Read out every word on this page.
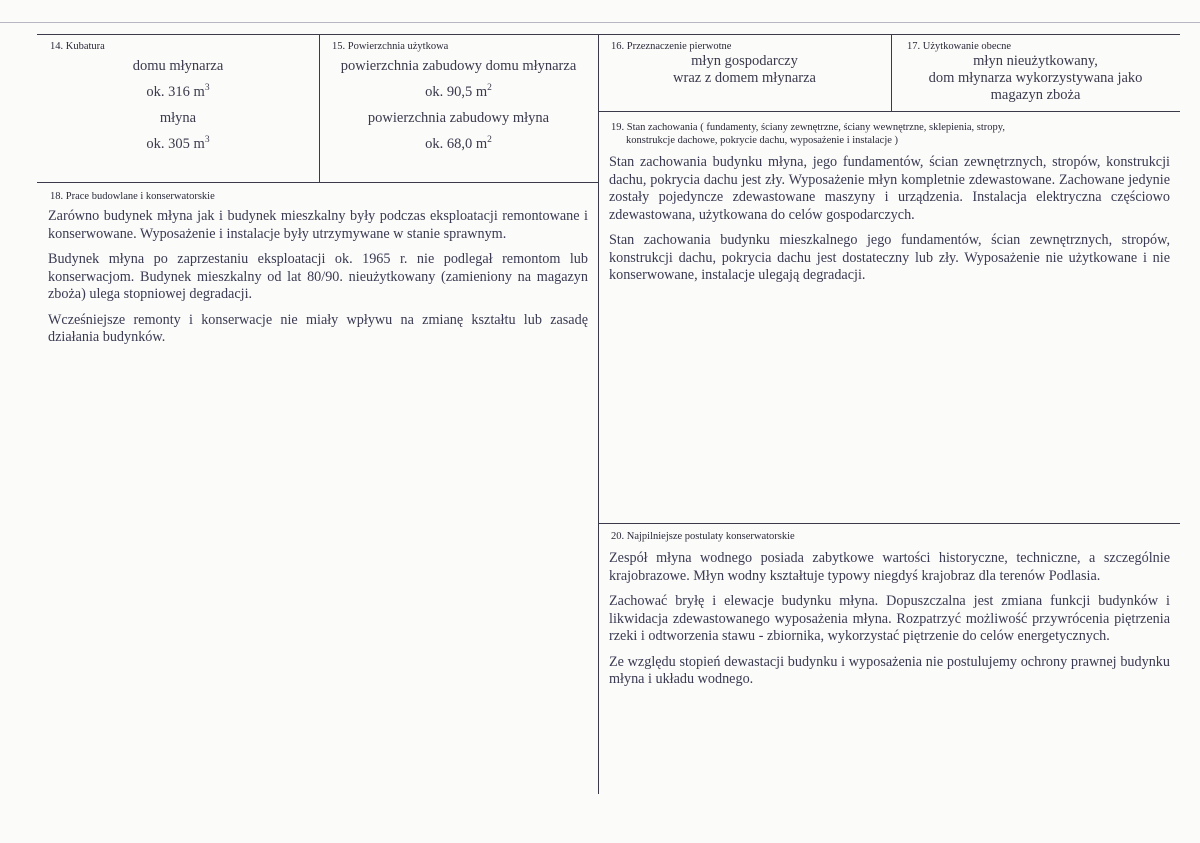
14. Kubatura
domu młynarza
ok. 316 $m^3$
młyna
ok. 305 $m^3$
15. Powierzchnia użytkowa
powierzchnia zabudowy domu młynarza
ok. 90,5 $m^2$
powierzchnia zabudowy młyna
ok. 68,0 $m^2$
16. Przeznaczenie pierwotne
młyn gospodarczy
wraz z domem młynarza
17. Użytkowanie obecne
młyn nieużytkowany,
dom młynarza wykorzystywana jako
magazyn zboża
18. Prace budowlane i konserwatorskie

Zarówno budynek młyna jak i budynek mieszkalny były podczas eksploatacji remontowane i konserwowane. Wyposażenie i instalacje były utrzymywane w stanie sprawnym.

Budynek młyna po zaprzestaniu eksploatacji ok. 1965 r. nie podlegał remontom lub konserwacjom. Budynek mieszkalny od lat 80/90. nieużytkowany (zamieniony na magazyn zboża) ulega stopniowej degradacji.

Wcześniejsze remonty i konserwacje nie miały wpływu na zmianę kształtu lub zasadę działania budynków.

19. Stan zachowania ( fundamenty, ściany zewnętrzne, ściany wewnętrzne, sklepienia, stropy,
konstrukcje dachowe, pokrycie dachu, wyposażenie i instalacje )

Stan zachowania budynku młyna, jego fundamentów, ścian zewnętrznych, stropów, konstrukcji dachu, pokrycia dachu jest zły. Wyposażenie młyn kompletnie zdewastowane. Zachowane jedynie zostały pojedyncze zdewastowane maszyny i urządzenia. Instalacja elektryczna częściowo zdewastowana, użytkowana do celów gospodarczych.

Stan zachowania budynku mieszkalnego jego fundamentów, ścian zewnętrznych, stropów, konstrukcji dachu, pokrycia dachu jest dostateczny lub zły. Wyposażenie nie użytkowane i nie konserwowane, instalacje ulegają degradacji.

20. Najpilniejsze postulaty konserwatorskie

Zespół młyna wodnego posiada zabytkowe wartości historyczne, techniczne, a szczególnie krajobrazowe. Młyn wodny kształtuje typowy niegdyś krajobraz dla terenów Podlasia.

Zachować bryłę i elewacje budynku młyna. Dopuszczalna jest zmiana funkcji budynków i likwidacja zdewastowanego wyposażenia młyna. Rozpatrzyć możliwość przywrócenia piętrzenia rzeki i odtworzenia stawu - zbiornika, wykorzystać piętrzenie do celów energetycznych.

Ze względu stopień dewastacji budynku i wyposażenia nie postulujemy ochrony prawnej budynku młyna i układu wodnego.
